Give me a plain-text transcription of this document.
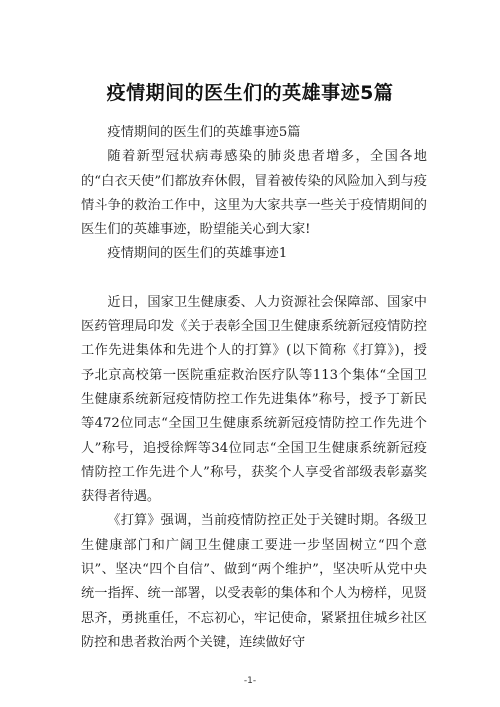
疫情期间的医生们的英雄事迹5篇

疫情期间的医生们的英雄事迹5篇

随着新型冠状病毒感染的肺炎患者增多，全国各地的“白衣天使”们都放弃休假，冒着被传染的风险加入到与疫情斗争的救治工作中，这里为大家共享一些关于疫情期间的医生们的英雄事迹，盼望能关心到大家!

疫情期间的医生们的英雄事迹1

近日，国家卫生健康委、人力资源社会保障部、国家中医药管理局印发《关于表彰全国卫生健康系统新冠疫情防控工作先进集体和先进个人的打算》(以下简称《打算》)，授予北京高校第一医院重症救治医疗队等113个集体“全国卫生健康系统新冠疫情防控工作先进集体”称号，授予丁新民等472位同志“全国卫生健康系统新冠疫情防控工作先进个人”称号，追授徐辉等34位同志“全国卫生健康系统新冠疫情防控工作先进个人”称号，获奖个人享受省部级表彰嘉奖获得者待遇。

《打算》强调，当前疫情防控正处于关键时期。各级卫生健康部门和广阔卫生健康工要进一步坚固树立“四个意识”、坚决“四个自信”、做到“两个维护”，坚决听从党中央统一指挥、统一部署，以受表彰的集体和个人为榜样，见贤思齐，勇挑重任，不忘初心，牢记使命，紧紧扭住城乡社区防控和患者救治两个关键，连续做好守

-1-
